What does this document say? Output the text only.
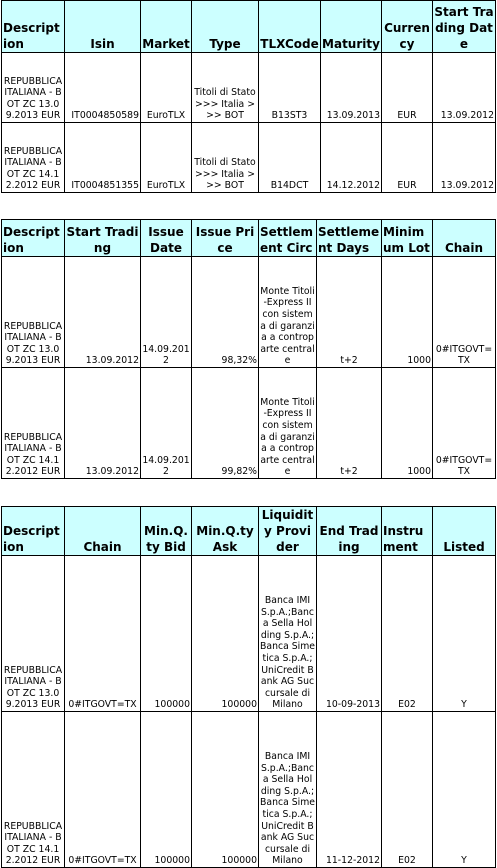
Description	Isin	Market	Type	TLXCode	Maturity	Currency	Start Trading Date
REPUBBLICA ITALIANA - BOT ZC 13.09.2013 EUR	IT0004850589	EuroTLX	Titoli di Stato >>> Italia >>> BOT	B13ST3	13.09.2013	EUR	13.09.2012
REPUBBLICA ITALIANA - BOT ZC 14.12.2012 EUR	IT0004851355	EuroTLX	Titoli di Stato >>> Italia >>> BOT	B14DCT	14.12.2012	EUR	13.09.2012
Description	Start Trading	Issue Date	Issue Price	Settlement Circ	Settlement Days	Minimum Lot	Chain
REPUBBLICA ITALIANA - BOT ZC 13.09.2013 EUR	13.09.2012	14.09.2012	98,32%	Monte Titoli-Express II con sistema di garanzia a controparte centrale	t+2	1000	0#ITGOVT=TX
REPUBBLICA ITALIANA - BOT ZC 14.12.2012 EUR	13.09.2012	14.09.2012	99,82%	Monte Titoli-Express II con sistema di garanzia a controparte centrale	t+2	1000	0#ITGOVT=TX
Description	Chain	Min.Q.ty Bid	Min.Q.ty Ask	Liquidity Provider	End Trading	Instrument	Listed
REPUBBLICA ITALIANA - BOT ZC 13.09.2013 EUR	0#ITGOVT=TX	100000	100000	Banca IMI S.p.A.;Banca Sella Holding S.p.A.;Banca Simetica S.p.A.;UniCredit Bank AG Succursale di Milano	10-09-2013	E02	Y
REPUBBLICA ITALIANA - BOT ZC 14.12.2012 EUR	0#ITGOVT=TX	100000	100000	Banca IMI S.p.A.;Banca Sella Holding S.p.A.;Banca Simetica S.p.A.;UniCredit Bank AG Succursale di Milano	11-12-2012	E02	Y
